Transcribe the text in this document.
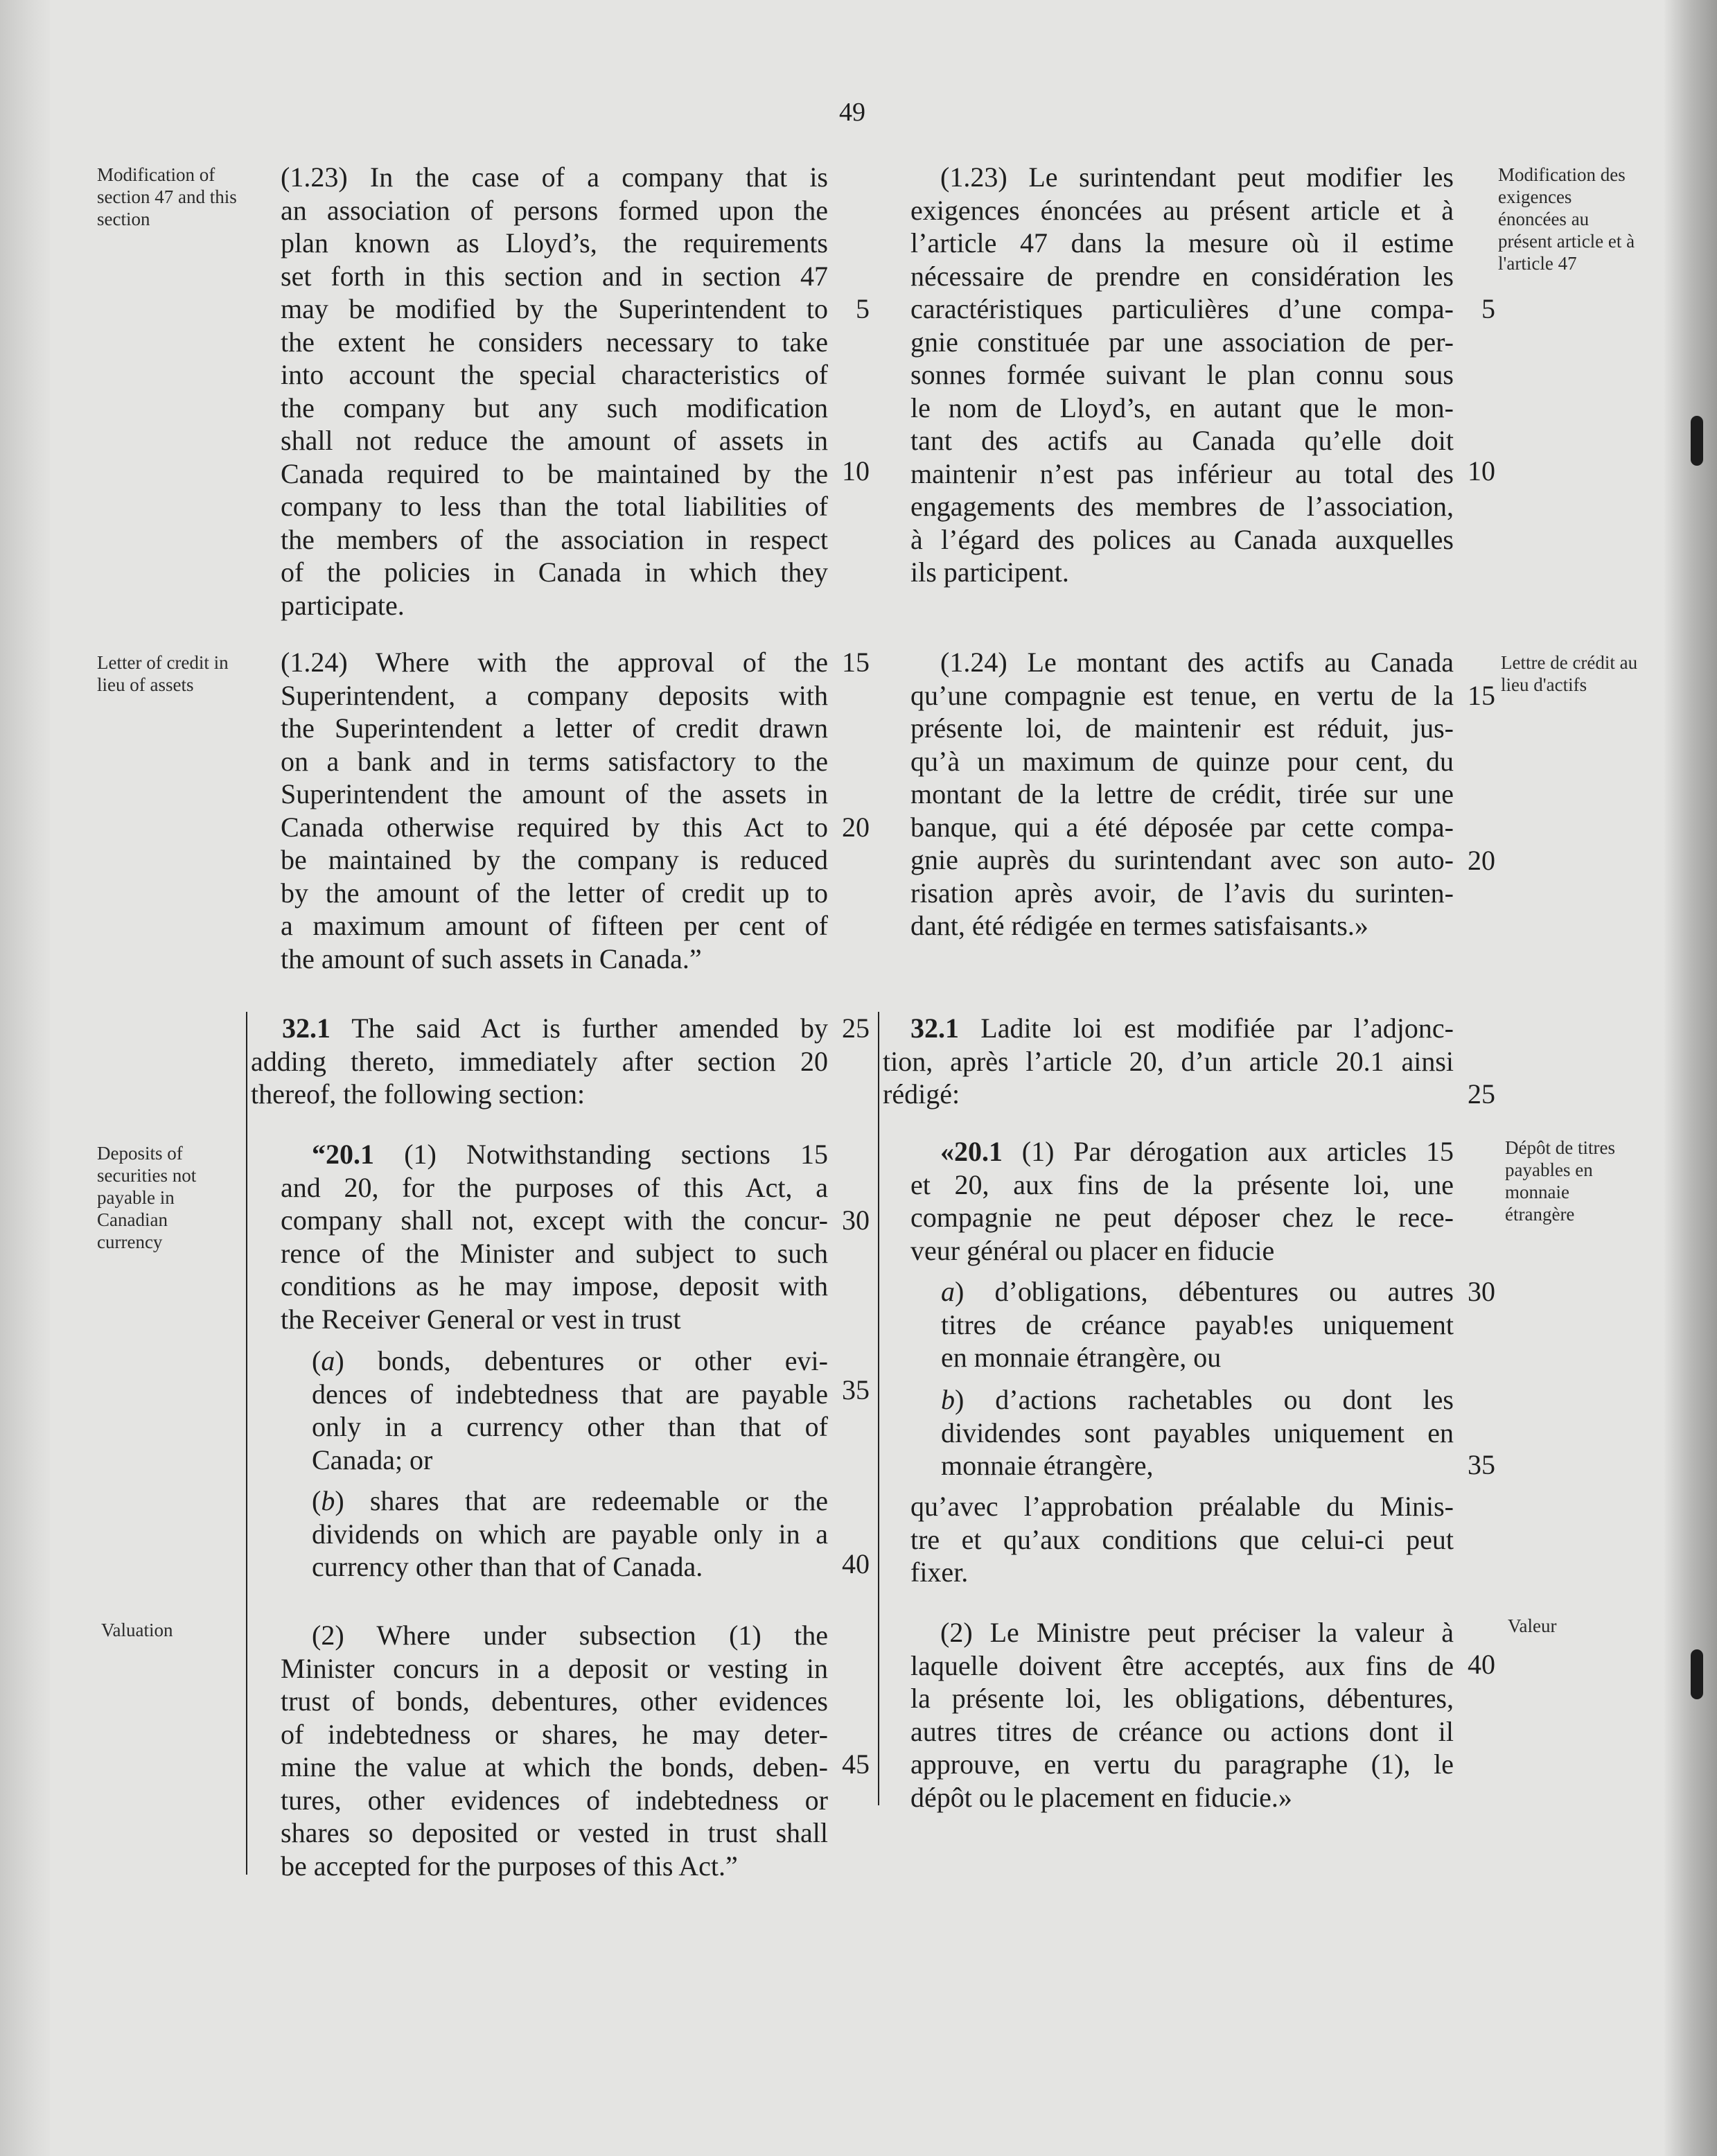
49
Modification of section 47 and this section
Letter of credit in lieu of assets
Deposits of securities not payable in Canadian currency
Valuation
Modification des exigences énoncées au présent article et à l'article 47
Lettre de crédit au lieu d'actifs
Dépôt de titres payables en monnaie étrangère
Valeur
(1.23) In the case of a company that is
an association of persons formed upon the
plan known as Lloyd’s, the requirements
set forth in this section and in section 47
may be modified by the Superintendent to
the extent he considers necessary to take
into account the special characteristics of
the company but any such modification
shall not reduce the amount of assets in
Canada required to be maintained by the
company to less than the total liabilities of
the members of the association in respect
of the policies in Canada in which they
participate.
(1.24) Where with the approval of the
Superintendent, a company deposits with
the Superintendent a letter of credit drawn
on a bank and in terms satisfactory to the
Superintendent the amount of the assets in
Canada otherwise required by this Act to
be maintained by the company is reduced
by the amount of the letter of credit up to
a maximum amount of fifteen per cent of
the amount of such assets in Canada.”
32.1 The said Act is further amended by
adding thereto, immediately after section 20
thereof, the following section:
“20.1 (1) Notwithstanding sections 15
and 20, for the purposes of this Act, a
company shall not, except with the concur-
rence of the Minister and subject to such
conditions as he may impose, deposit with
the Receiver General or vest in trust
(a) bonds, debentures or other evi-
dences of indebtedness that are payable
only in a currency other than that of
Canada; or
(b) shares that are redeemable or the
dividends on which are payable only in a
currency other than that of Canada.
(2) Where under subsection (1) the
Minister concurs in a deposit or vesting in
trust of bonds, debentures, other evidences
of indebtedness or shares, he may deter-
mine the value at which the bonds, deben-
tures, other evidences of indebtedness or
shares so deposited or vested in trust shall
be accepted for the purposes of this Act.”
5
10
15
20
25
30
35
40
45
(1.23) Le surintendant peut modifier les
exigences énoncées au présent article et à
l’article 47 dans la mesure où il estime
nécessaire de prendre en considération les
caractéristiques particulières d’une compa-
gnie constituée par une association de per-
sonnes formée suivant le plan connu sous
le nom de Lloyd’s, en autant que le mon-
tant des actifs au Canada qu’elle doit
maintenir n’est pas inférieur au total des
engagements des membres de l’association,
à l’égard des polices au Canada auxquelles
ils participent.
(1.24) Le montant des actifs au Canada
qu’une compagnie est tenue, en vertu de la
présente loi, de maintenir est réduit, jus-
qu’à un maximum de quinze pour cent, du
montant de la lettre de crédit, tirée sur une
banque, qui a été déposée par cette compa-
gnie auprès du surintendant avec son auto-
risation après avoir, de l’avis du surinten-
dant, été rédigée en termes satisfaisants.»
32.1 Ladite loi est modifiée par l’adjonc-
tion, après l’article 20, d’un article 20.1 ainsi
rédigé:
«20.1 (1) Par dérogation aux articles 15
et 20, aux fins de la présente loi, une
compagnie ne peut déposer chez le rece-
veur général ou placer en fiducie
a) d’obligations, débentures ou autres
titres de créance payab!es uniquement
en monnaie étrangère, ou
b) d’actions rachetables ou dont les
dividendes sont payables uniquement en
monnaie étrangère,
qu’avec l’approbation préalable du Minis-
tre et qu’aux conditions que celui-ci peut
fixer.
(2) Le Ministre peut préciser la valeur à
laquelle doivent être acceptés, aux fins de
la présente loi, les obligations, débentures,
autres titres de créance ou actions dont il
approuve, en vertu du paragraphe (1), le
dépôt ou le placement en fiducie.»
5
10
15
20
25
30
35
40
